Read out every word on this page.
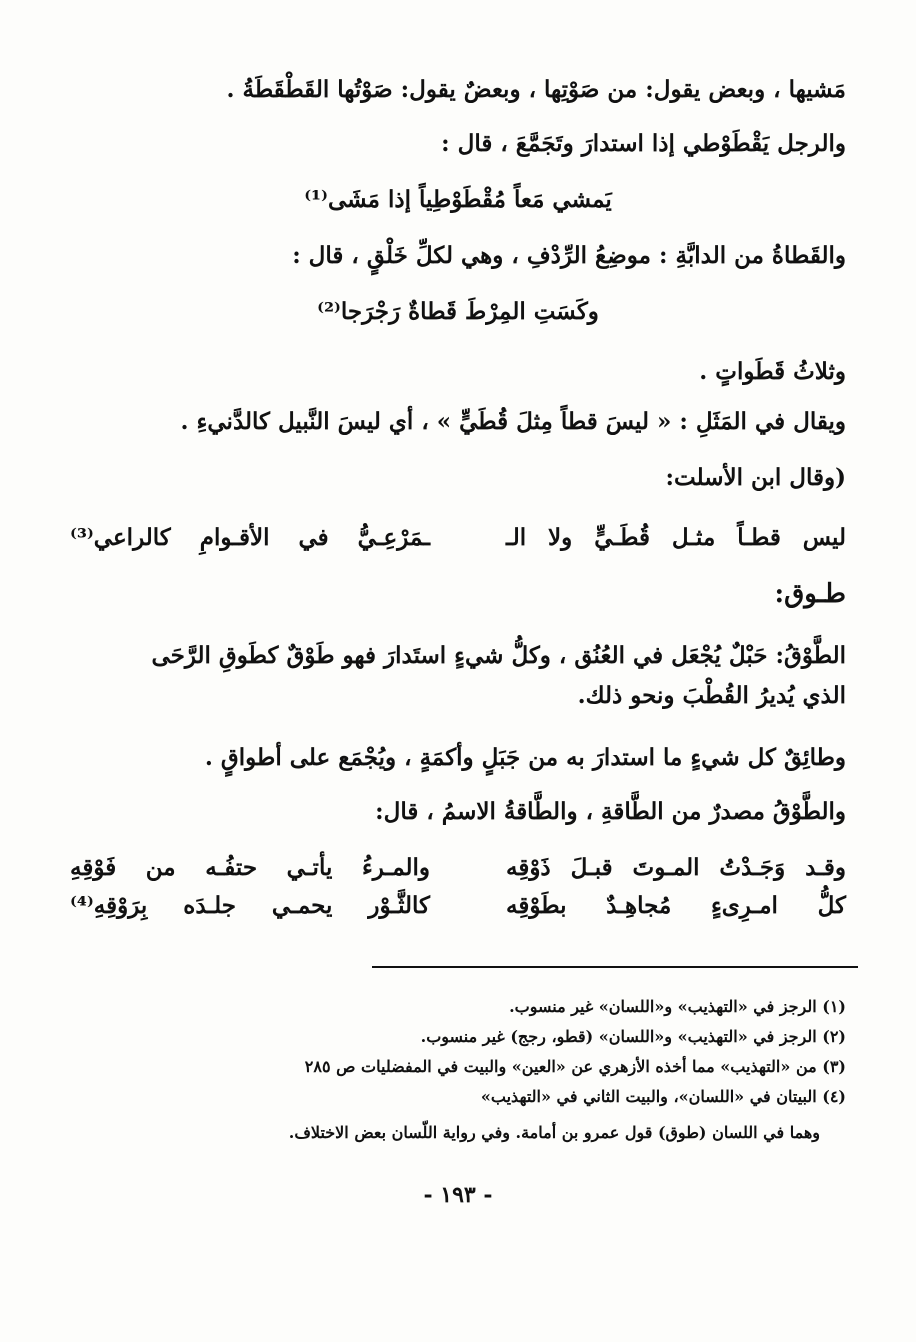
مَشيها ، وبعض يقول: من صَوْتِها ، وبعضٌ يقول: صَوْتُها القَطْقَطَةُ .
والرجل يَقْطَوْطي إذا استدارَ وتَجَمَّعَ ، قال :
يَمشي مَعاً مُقْطَوْطِياً إذا مَشَى⁽¹⁾
والقَطاةُ من الدابَّةِ : موضِعُ الرِّدْفِ ، وهي لكلِّ خَلْقٍ ، قال :
وكَسَتِ المِرْطَ قَطاةٌ رَجْرَجا⁽²⁾
وثلاثُ قَطَواتٍ .
ويقال في المَثَلِ : « ليسَ قطاً مِثلَ قُطَيٍّ » ، أي ليسَ النَّبيل كالدَّنيءِ .
(وقال ابن الأسلت:
ليس قطـاً مثـل قُطَـيٍّ ولا الـ
ـمَرْعِـيُّ في الأقـوامِ كالراعي⁽³⁾
طـوق:
الطَّوْقُ: حَبْلٌ يُجْعَل في العُنُق ، وكلُّ شيءٍ استَدارَ فهو طَوْقٌ كطَوقِ الرَّحَى
الذي يُديرُ القُطْبَ ونحو ذلك.
وطائِقٌ كل شيءٍ ما استدارَ به من جَبَلٍ وأكمَةٍ ، ويُجْمَع على أطواقٍ .
والطَّوْقُ مصدرٌ من الطَّاقةِ ، والطَّاقةُ الاسمُ ، قال:
وقـد وَجَـدْتُ المـوتَ قبـلَ ذَوْقِه
والمـرءُ يأتـي حتفُـه من فَوْقِهِ
كلُّ امـرِىءٍ مُجاهِـدٌ بطَوْقِه
كالثَّـوْر يحمـي جلـدَه بِرَوْقِهِ⁽⁴⁾
(١) الرجز في «التهذيب» و«اللسان» غير منسوب.
(٢) الرجز في «التهذيب» و«اللسان» (قطو، رجج) غير منسوب.
(٣) من «التهذيب» مما أخذه الأزهري عن «العين» والبيت في المفضليات ص ٢٨٥
(٤) البيتان في «اللسان»، والبيت الثاني في «التهذيب»
وهما في اللسان (طوق) قول عمرو بن أمامة. وفي رواية اللّسان بعض الاختلاف.
- ١٩٣ -
